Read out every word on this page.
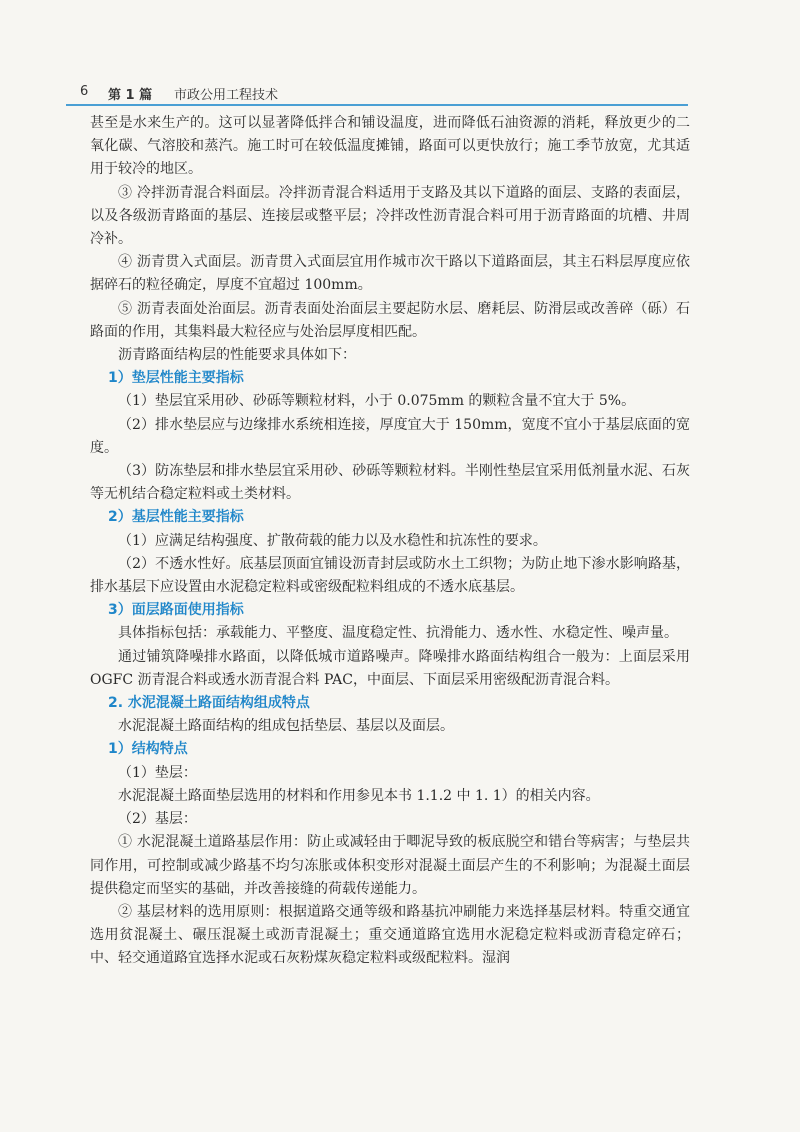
6 第 1 篇 市政公用工程技术

甚至是水来生产的。这可以显著降低拌合和铺设温度，进而降低石油资源的消耗，释放更少的二氧化碳、气溶胶和蒸汽。施工时可在较低温度摊铺，路面可以更快放行；施工季节放宽，尤其适用于较冷的地区。

③ 冷拌沥青混合料面层。冷拌沥青混合料适用于支路及其以下道路的面层、支路的表面层，以及各级沥青路面的基层、连接层或整平层；冷拌改性沥青混合料可用于沥青路面的坑槽、井周冷补。

④ 沥青贯入式面层。沥青贯入式面层宜用作城市次干路以下道路面层，其主石料层厚度应依据碎石的粒径确定，厚度不宜超过 100mm。

⑤ 沥青表面处治面层。沥青表面处治面层主要起防水层、磨耗层、防滑层或改善碎（砾）石路面的作用，其集料最大粒径应与处治层厚度相匹配。

沥青路面结构层的性能要求具体如下：

1）垫层性能主要指标

（1）垫层宜采用砂、砂砾等颗粒材料，小于 0.075mm 的颗粒含量不宜大于 5%。

（2）排水垫层应与边缘排水系统相连接，厚度宜大于 150mm，宽度不宜小于基层底面的宽度。

（3）防冻垫层和排水垫层宜采用砂、砂砾等颗粒材料。半刚性垫层宜采用低剂量水泥、石灰等无机结合稳定粒料或土类材料。

2）基层性能主要指标

（1）应满足结构强度、扩散荷载的能力以及水稳性和抗冻性的要求。

（2）不透水性好。底基层顶面宜铺设沥青封层或防水土工织物；为防止地下渗水影响路基，排水基层下应设置由水泥稳定粒料或密级配粒料组成的不透水底基层。

3）面层路面使用指标

具体指标包括：承载能力、平整度、温度稳定性、抗滑能力、透水性、水稳定性、噪声量。

通过铺筑降噪排水路面，以降低城市道路噪声。降噪排水路面结构组合一般为：上面层采用 OGFC 沥青混合料或透水沥青混合料 PAC，中面层、下面层采用密级配沥青混合料。

2. 水泥混凝土路面结构组成特点

水泥混凝土路面结构的组成包括垫层、基层以及面层。

1）结构特点

（1）垫层：

水泥混凝土路面垫层选用的材料和作用参见本书 1.1.2 中 1. 1）的相关内容。

（2）基层：

① 水泥混凝土道路基层作用：防止或减轻由于唧泥导致的板底脱空和错台等病害；与垫层共同作用，可控制或减少路基不均匀冻胀或体积变形对混凝土面层产生的不利影响；为混凝土面层提供稳定而坚实的基础，并改善接缝的荷载传递能力。

② 基层材料的选用原则：根据道路交通等级和路基抗冲刷能力来选择基层材料。特重交通宜选用贫混凝土、碾压混凝土或沥青混凝土；重交通道路宜选用水泥稳定粒料或沥青稳定碎石；中、轻交通道路宜选择水泥或石灰粉煤灰稳定粒料或级配粒料。湿润
